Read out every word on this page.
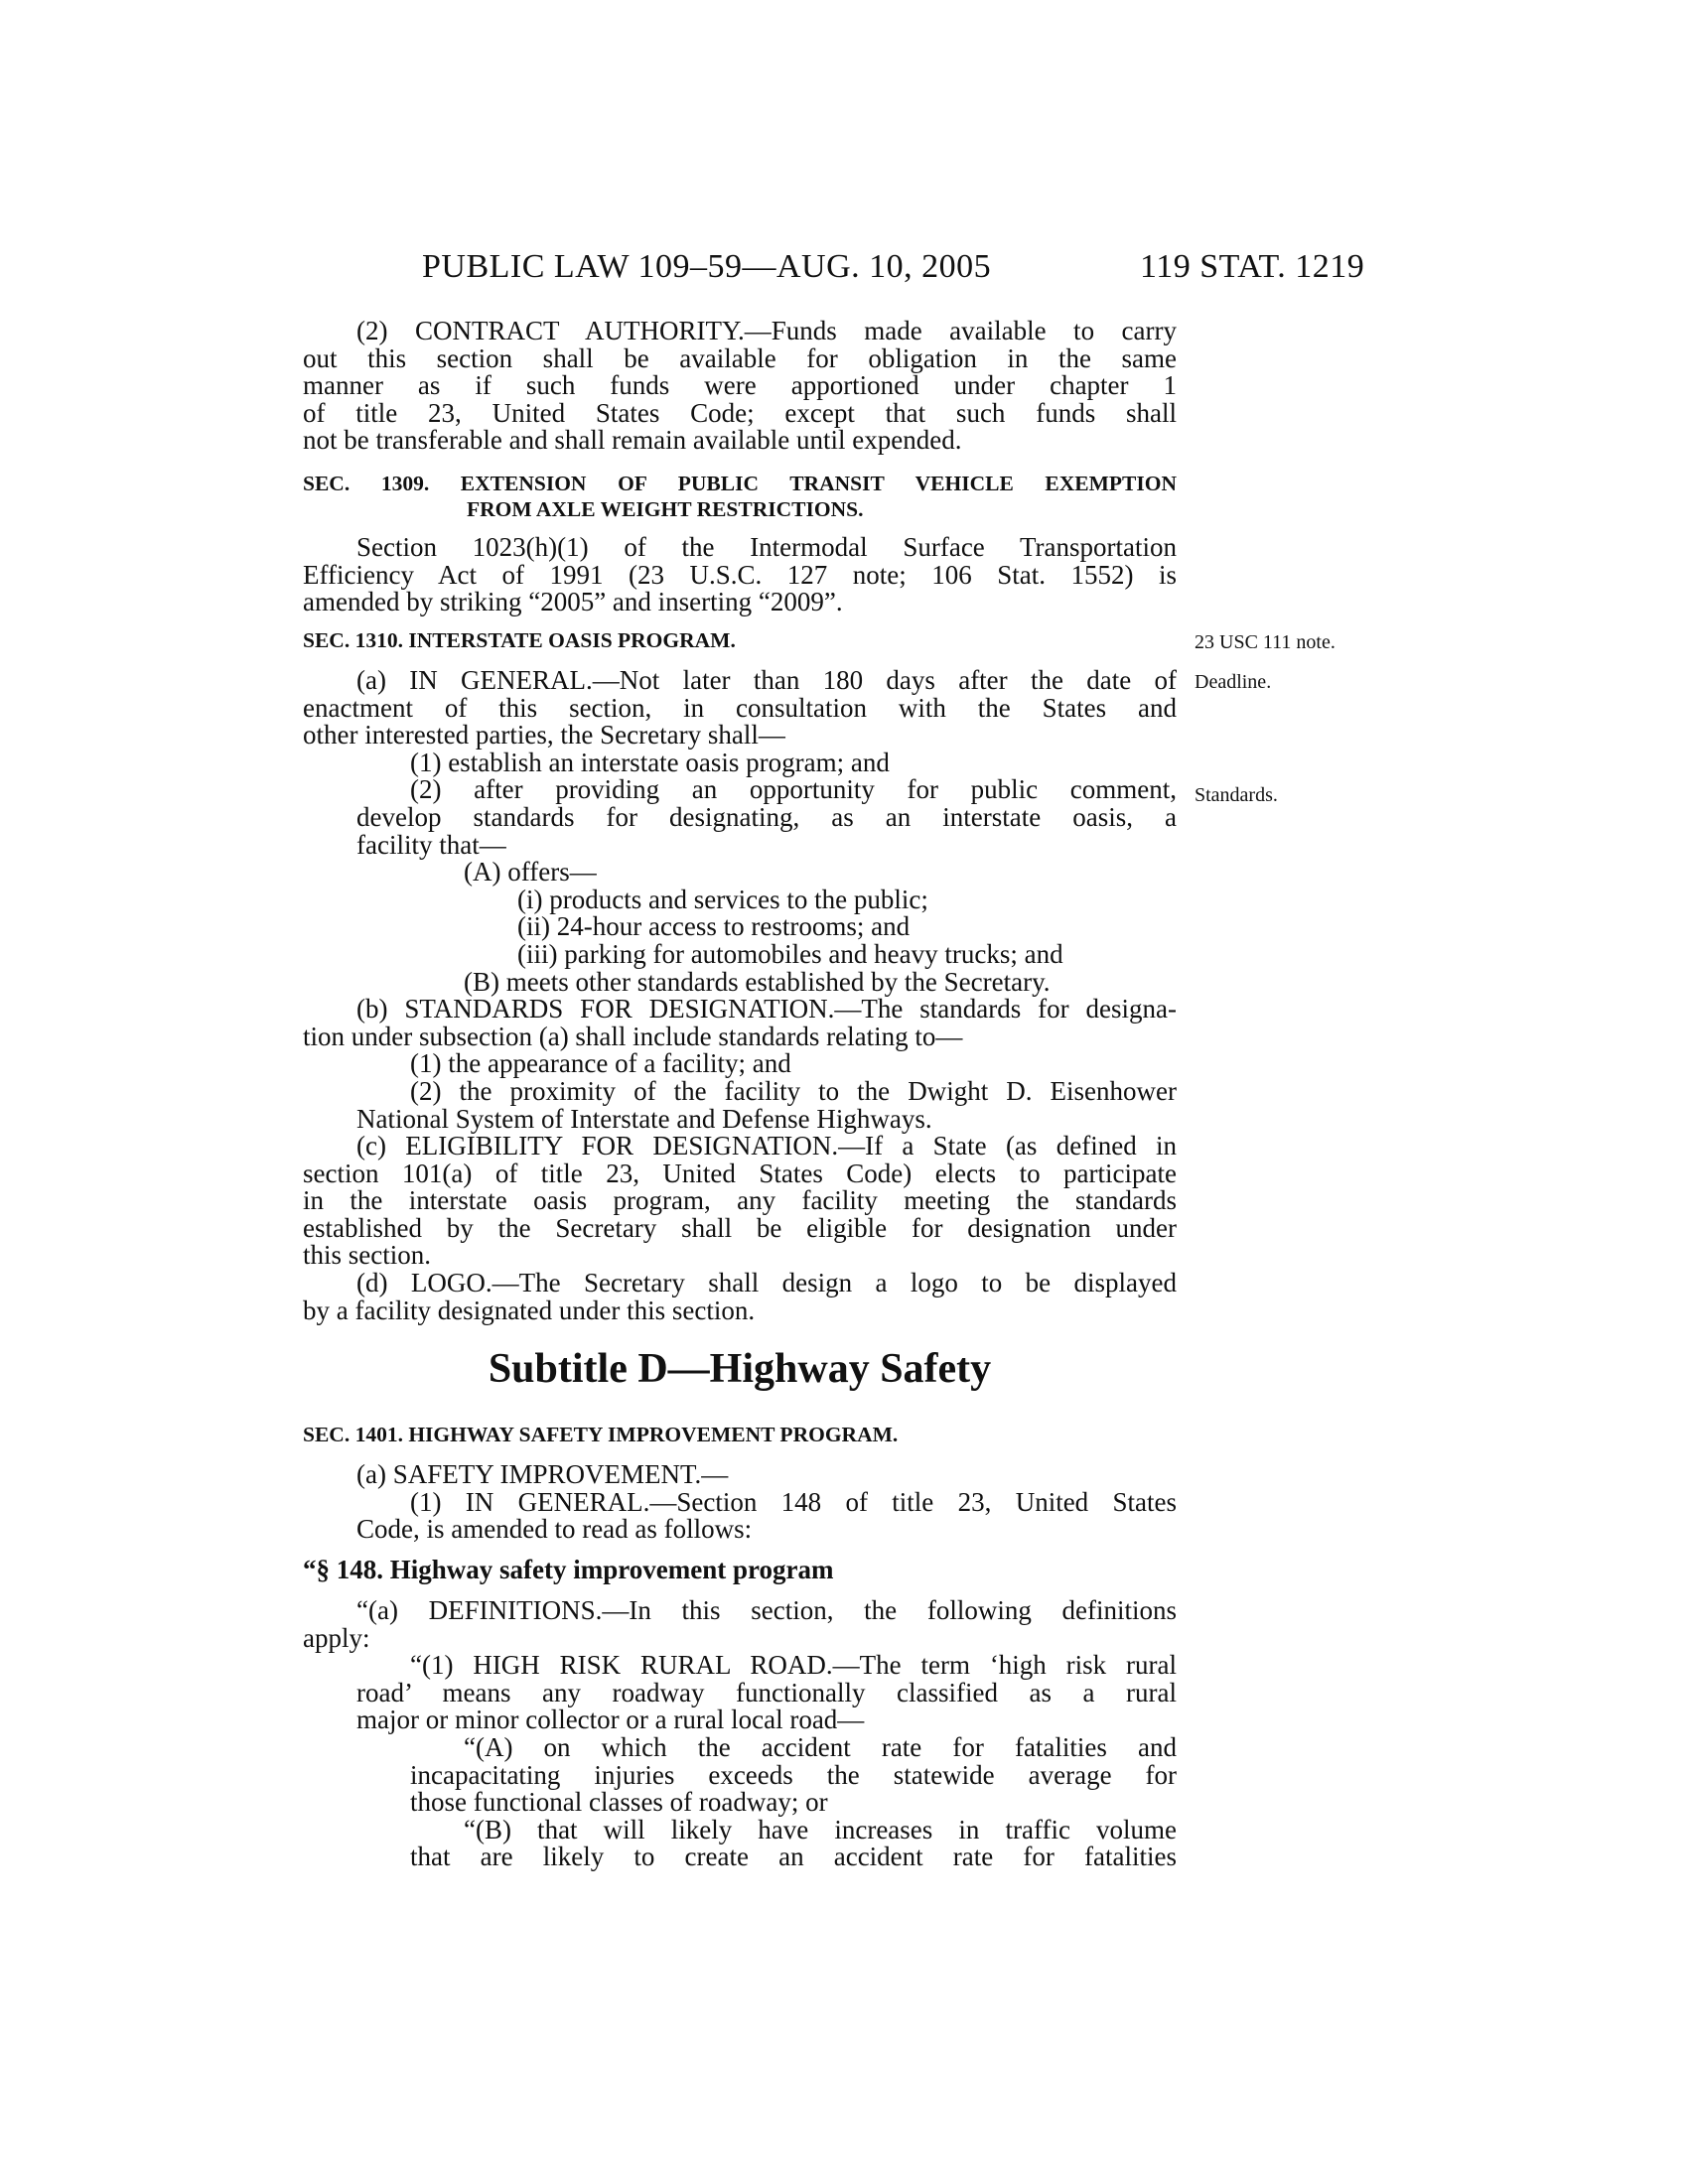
PUBLIC LAW 109–59—AUG. 10, 2005	119 STAT. 1219
23 USC 111 note.
Deadline.
Standards.
(2) CONTRACT AUTHORITY.—Funds made available to carry
out this section shall be available for obligation in the same
manner as if such funds were apportioned under chapter 1
of title 23, United States Code; except that such funds shall
not be transferable and shall remain available until expended.
SEC. 1309. EXTENSION OF PUBLIC TRANSIT VEHICLE EXEMPTION
FROM AXLE WEIGHT RESTRICTIONS.
Section 1023(h)(1) of the Intermodal Surface Transportation
Efficiency Act of 1991 (23 U.S.C. 127 note; 106 Stat. 1552) is
amended by striking “2005” and inserting “2009”.
SEC. 1310. INTERSTATE OASIS PROGRAM.
(a) IN GENERAL.—Not later than 180 days after the date of
enactment of this section, in consultation with the States and
other interested parties, the Secretary shall—
(1) establish an interstate oasis program; and
(2) after providing an opportunity for public comment,
develop standards for designating, as an interstate oasis, a
facility that—
(A) offers—
(i) products and services to the public;
(ii) 24-hour access to restrooms; and
(iii) parking for automobiles and heavy trucks; and
(B) meets other standards established by the Secretary.
(b) STANDARDS FOR DESIGNATION.—The standards for designa-
tion under subsection (a) shall include standards relating to—
(1) the appearance of a facility; and
(2) the proximity of the facility to the Dwight D. Eisenhower
National System of Interstate and Defense Highways.
(c) ELIGIBILITY FOR DESIGNATION.—If a State (as defined in
section 101(a) of title 23, United States Code) elects to participate
in the interstate oasis program, any facility meeting the standards
established by the Secretary shall be eligible for designation under
this section.
(d) LOGO.—The Secretary shall design a logo to be displayed
by a facility designated under this section.
Subtitle D—Highway Safety
SEC. 1401. HIGHWAY SAFETY IMPROVEMENT PROGRAM.
(a) SAFETY IMPROVEMENT.—
(1) IN GENERAL.—Section 148 of title 23, United States
Code, is amended to read as follows:
“§ 148. Highway safety improvement program
“(a) DEFINITIONS.—In this section, the following definitions
apply:
“(1) HIGH RISK RURAL ROAD.—The term ‘high risk rural
road’ means any roadway functionally classified as a rural
major or minor collector or a rural local road—
“(A) on which the accident rate for fatalities and
incapacitating injuries exceeds the statewide average for
those functional classes of roadway; or
“(B) that will likely have increases in traffic volume
that are likely to create an accident rate for fatalities
